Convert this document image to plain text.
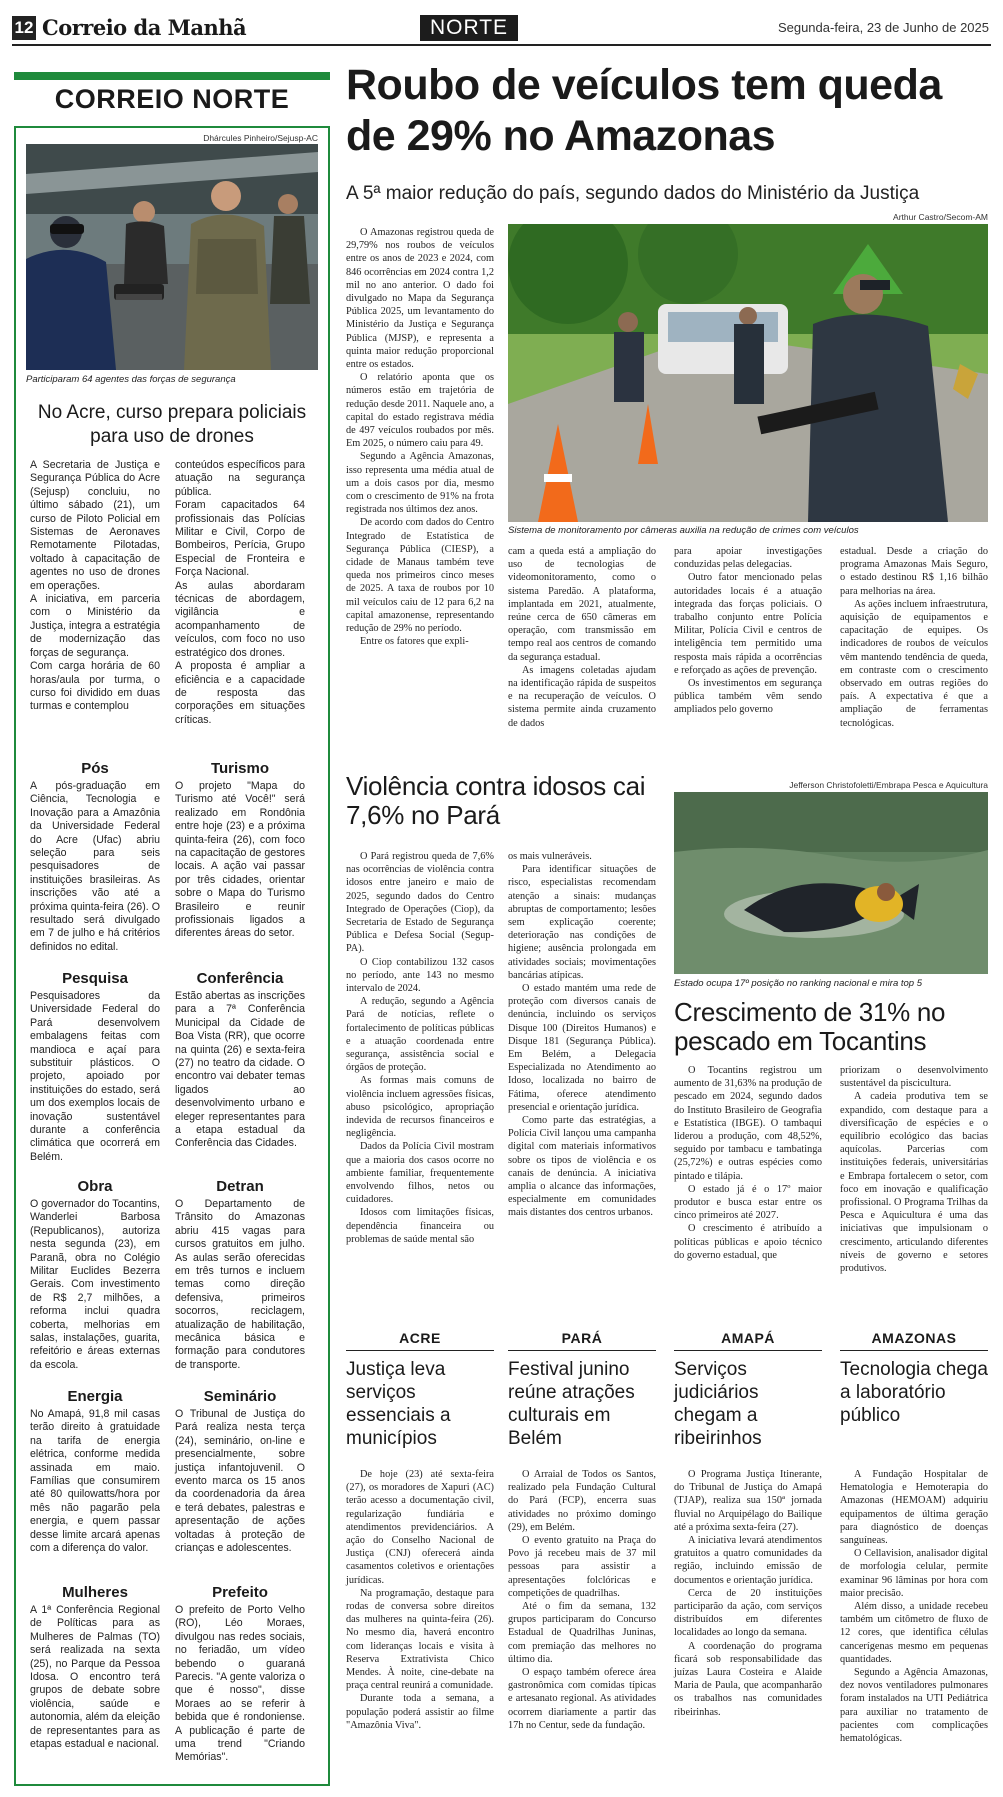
12 Correio da Manhã	NORTE	Segunda-feira, 23 de Junho de 2025
CORREIO NORTE
Dhárcules Pinheiro/Sejusp-AC
Participaram 64 agentes das forças de segurança
No Acre, curso prepara policiais para uso de drones

A Secretaria de Justiça e Segurança Pública do Acre (Sejusp) concluiu, no último sábado (21), um curso de Piloto Policial em Sistemas de Aeronaves Remotamente Pilotadas, voltado à capacitação de agentes no uso de drones em operações.

A iniciativa, em parceria com o Ministério da Justiça, integra a estratégia de modernização das forças de segurança.

Com carga horária de 60 horas/aula por turma, o curso foi dividido em duas turmas e contemplou

conteúdos específicos para atuação na segurança pública.

Foram capacitados 64 profissionais das Polícias Militar e Civil, Corpo de Bombeiros, Perícia, Grupo Especial de Fronteira e Força Nacional.

As aulas abordaram técnicas de abordagem, vigilância e acompanhamento de veículos, com foco no uso estratégico dos drones.

A proposta é ampliar a eficiência e a capacidade de resposta das corporações em situações críticas.

Pós
A pós-graduação em Ciência, Tecnologia e Inovação para a Amazônia da Universidade Federal do Acre (Ufac) abriu seleção para seis pesquisadores de instituições brasileiras. As inscrições vão até a próxima quinta-feira (26). O resultado será divulgado em 7 de julho e há critérios definidos no edital.
Pesquisa
Pesquisadores da Universidade Federal do Pará desenvolvem embalagens feitas com mandioca e açaí para substituir plásticos. O projeto, apoiado por instituições do estado, será um dos exemplos locais de inovação sustentável durante a conferência climática que ocorrerá em Belém.
Obra
O governador do Tocantins, Wanderlei Barbosa (Republicanos), autoriza nesta segunda (23), em Paranã, obra no Colégio Militar Euclides Bezerra Gerais. Com investimento de R$ 2,7 milhões, a reforma inclui quadra coberta, melhorias em salas, instalações, guarita, refeitório e áreas externas da escola.
Energia
No Amapá, 91,8 mil casas terão direito à gratuidade na tarifa de energia elétrica, conforme medida assinada em maio. Famílias que consumirem até 80 quilowatts/hora por mês não pagarão pela energia, e quem passar desse limite arcará apenas com a diferença do valor.
Mulheres
A 1ª Conferência Regional de Políticas para as Mulheres de Palmas (TO) será realizada na sexta (25), no Parque da Pessoa Idosa. O encontro terá grupos de debate sobre violência, saúde e autonomia, além da eleição de representantes para as etapas estadual e nacional.
Turismo
O projeto "Mapa do Turismo até Você!" será realizado em Rondônia entre hoje (23) e a próxima quinta-feira (26), com foco na capacitação de gestores locais. A ação vai passar por três cidades, orientar sobre o Mapa do Turismo Brasileiro e reunir profissionais ligados a diferentes áreas do setor.
Conferência
Estão abertas as inscrições para a 7ª Conferência Municipal da Cidade de Boa Vista (RR), que ocorre na quinta (26) e sexta-feira (27) no teatro da cidade. O encontro vai debater temas ligados ao desenvolvimento urbano e eleger representantes para a etapa estadual da Conferência das Cidades.
Detran
O Departamento de Trânsito do Amazonas abriu 415 vagas para cursos gratuitos em julho. As aulas serão oferecidas em três turnos e incluem temas como direção defensiva, primeiros socorros, reciclagem, atualização de habilitação, mecânica básica e formação para condutores de transporte.
Seminário
O Tribunal de Justiça do Pará realiza nesta terça (24), seminário, on-line e presencialmente, sobre justiça infantojuvenil. O evento marca os 15 anos da coordenadoria da área e terá debates, palestras e apresentação de ações voltadas à proteção de crianças e adolescentes.
Prefeito
O prefeito de Porto Velho (RO), Léo Moraes, divulgou nas redes sociais, no feriadão, um vídeo bebendo o guaraná Parecis. "A gente valoriza o que é nosso", disse Moraes ao se referir à bebida que é rondoniense. A publicação é parte de uma trend "Criando Memórias".
Roubo de veículos tem queda de 29% no Amazonas
A 5ª maior redução do país, segundo dados do Ministério da Justiça
Arthur Castro/Secom-AM

O Amazonas registrou queda de 29,79% nos roubos de veículos entre os anos de 2023 e 2024, com 846 ocorrências em 2024 contra 1,2 mil no ano anterior. O dado foi divulgado no Mapa da Segurança Pública 2025, um levantamento do Ministério da Justiça e Segurança Pública (MJSP), e representa a quinta maior redução proporcional entre os estados.

O relatório aponta que os números estão em trajetória de redução desde 2011. Naquele ano, a capital do estado registrava média de 497 veículos roubados por mês. Em 2025, o número caiu para 49.

Segundo a Agência Amazonas, isso representa uma média atual de um a dois casos por dia, mesmo com o crescimento de 91% na frota registrada nos últimos dez anos.

De acordo com dados do Centro Integrado de Estatística de Segurança Pública (CIESP), a cidade de Manaus também teve queda nos primeiros cinco meses de 2025. A taxa de roubos por 10 mil veículos caiu de 12 para 6,2 na capital amazonense, representando redução de 29% no período.

Entre os fatores que expli-

Sistema de monitoramento por câmeras auxilia na redução de crimes com veículos

cam a queda está a ampliação do uso de tecnologias de videomonitoramento, como o sistema Paredão. A plataforma, implantada em 2021, atualmente, reúne cerca de 650 câmeras em operação, com transmissão em tempo real aos centros de comando da segurança estadual.

As imagens coletadas ajudam na identificação rápida de suspeitos e na recuperação de veículos. O sistema permite ainda cruzamento de dados

para apoiar investigações conduzidas pelas delegacias.

Outro fator mencionado pelas autoridades locais é a atuação integrada das forças policiais. O trabalho conjunto entre Polícia Militar, Polícia Civil e centros de inteligência tem permitido uma resposta mais rápida a ocorrências e reforçado as ações de prevenção.

Os investimentos em segurança pública também vêm sendo ampliados pelo governo

estadual. Desde a criação do programa Amazonas Mais Seguro, o estado destinou R$ 1,16 bilhão para melhorias na área.

As ações incluem infraestrutura, aquisição de equipamentos e capacitação de equipes. Os indicadores de roubos de veículos vêm mantendo tendência de queda, em contraste com o crescimento observado em outras regiões do país. A expectativa é que a ampliação de ferramentas tecnológicas.

Violência contra idosos cai 7,6% no Pará

O Pará registrou queda de 7,6% nas ocorrências de violência contra idosos entre janeiro e maio de 2025, segundo dados do Centro Integrado de Operações (Ciop), da Secretaria de Estado de Segurança Pública e Defesa Social (Segup-PA).

O Ciop contabilizou 132 casos no período, ante 143 no mesmo intervalo de 2024.

A redução, segundo a Agência Pará de notícias, reflete o fortalecimento de políticas públicas e a atuação coordenada entre segurança, assistência social e órgãos de proteção.

As formas mais comuns de violência incluem agressões físicas, abuso psicológico, apropriação indevida de recursos financeiros e negligência.

Dados da Polícia Civil mostram que a maioria dos casos ocorre no ambiente familiar, frequentemente envolvendo filhos, netos ou cuidadores.

Idosos com limitações físicas, dependência financeira ou problemas de saúde mental são

os mais vulneráveis.

Para identificar situações de risco, especialistas recomendam atenção a sinais: mudanças abruptas de comportamento; lesões sem explicação coerente; deterioração nas condições de higiene; ausência prolongada em atividades sociais; movimentações bancárias atípicas.

O estado mantém uma rede de proteção com diversos canais de denúncia, incluindo os serviços Disque 100 (Direitos Humanos) e Disque 181 (Segurança Pública). Em Belém, a Delegacia Especializada no Atendimento ao Idoso, localizada no bairro de Fátima, oferece atendimento presencial e orientação jurídica.

Como parte das estratégias, a Polícia Civil lançou uma campanha digital com materiais informativos sobre os tipos de violência e os canais de denúncia. A iniciativa amplia o alcance das informações, especialmente em comunidades mais distantes dos centros urbanos.

Jefferson Christofoletti/Embrapa Pesca e Aquicultura
Estado ocupa 17º posição no ranking nacional e mira top 5
Crescimento de 31% no pescado em Tocantins

O Tocantins registrou um aumento de 31,63% na produção de pescado em 2024, segundo dados do Instituto Brasileiro de Geografia e Estatística (IBGE). O tambaqui liderou a produção, com 48,52%, seguido por tambacu e tambatinga (25,72%) e outras espécies como pintado e tilápia.

O estado já é o 17º maior produtor e busca estar entre os cinco primeiros até 2027.

O crescimento é atribuído a políticas públicas e apoio técnico do governo estadual, que

priorizam o desenvolvimento sustentável da piscicultura.

A cadeia produtiva tem se expandido, com destaque para a diversificação de espécies e o equilíbrio ecológico das bacias aquícolas. Parcerias com instituições federais, universitárias e Embrapa fortalecem o setor, com foco em inovação e qualificação profissional. O Programa Trilhas da Pesca e Aquicultura é uma das iniciativas que impulsionam o crescimento, articulando diferentes níveis de governo e setores produtivos.

ACRE
Justiça leva serviços essenciais a municípios

De hoje (23) até sexta-feira (27), os moradores de Xapuri (AC) terão acesso a documentação civil, regularização fundiária e atendimentos previdenciários. A ação do Conselho Nacional de Justiça (CNJ) oferecerá ainda casamentos coletivos e orientações jurídicas.

Na programação, destaque para rodas de conversa sobre direitos das mulheres na quinta-feira (26). No mesmo dia, haverá encontro com lideranças locais e visita à Reserva Extrativista Chico Mendes. À noite, cine-debate na praça central reunirá a comunidade.

Durante toda a semana, a população poderá assistir ao filme "Amazônia Viva".

PARÁ
Festival junino reúne atrações culturais em Belém

O Arraial de Todos os Santos, realizado pela Fundação Cultural do Pará (FCP), encerra suas atividades no próximo domingo (29), em Belém.

O evento gratuito na Praça do Povo já recebeu mais de 37 mil pessoas para assistir a apresentações folclóricas e competições de quadrilhas.

Até o fim da semana, 132 grupos participaram do Concurso Estadual de Quadrilhas Juninas, com premiação das melhores no último dia.

O espaço também oferece área gastronômica com comidas típicas e artesanato regional. As atividades ocorrem diariamente a partir das 17h no Centur, sede da fundação.

AMAPÁ
Serviços judiciários chegam a ribeirinhos

O Programa Justiça Itinerante, do Tribunal de Justiça do Amapá (TJAP), realiza sua 150ª jornada fluvial no Arquipélago do Bailique até a próxima sexta-feira (27).

A iniciativa levará atendimentos gratuitos a quatro comunidades da região, incluindo emissão de documentos e orientação jurídica.

Cerca de 20 instituições participarão da ação, com serviços distribuídos em diferentes localidades ao longo da semana.

A coordenação do programa ficará sob responsabilidade das juízas Laura Costeira e Alaide Maria de Paula, que acompanharão os trabalhos nas comunidades ribeirinhas.

AMAZONAS
Tecnologia chega a laboratório público

A Fundação Hospitalar de Hematologia e Hemoterapia do Amazonas (HEMOAM) adquiriu equipamentos de última geração para diagnóstico de doenças sanguíneas.

O Cellavision, analisador digital de morfologia celular, permite examinar 96 lâminas por hora com maior precisão.

Além disso, a unidade recebeu também um citômetro de fluxo de 12 cores, que identifica células cancerígenas mesmo em pequenas quantidades.

Segundo a Agência Amazonas, dez novos ventiladores pulmonares foram instalados na UTI Pediátrica para auxiliar no tratamento de pacientes com complicações hematológicas.
